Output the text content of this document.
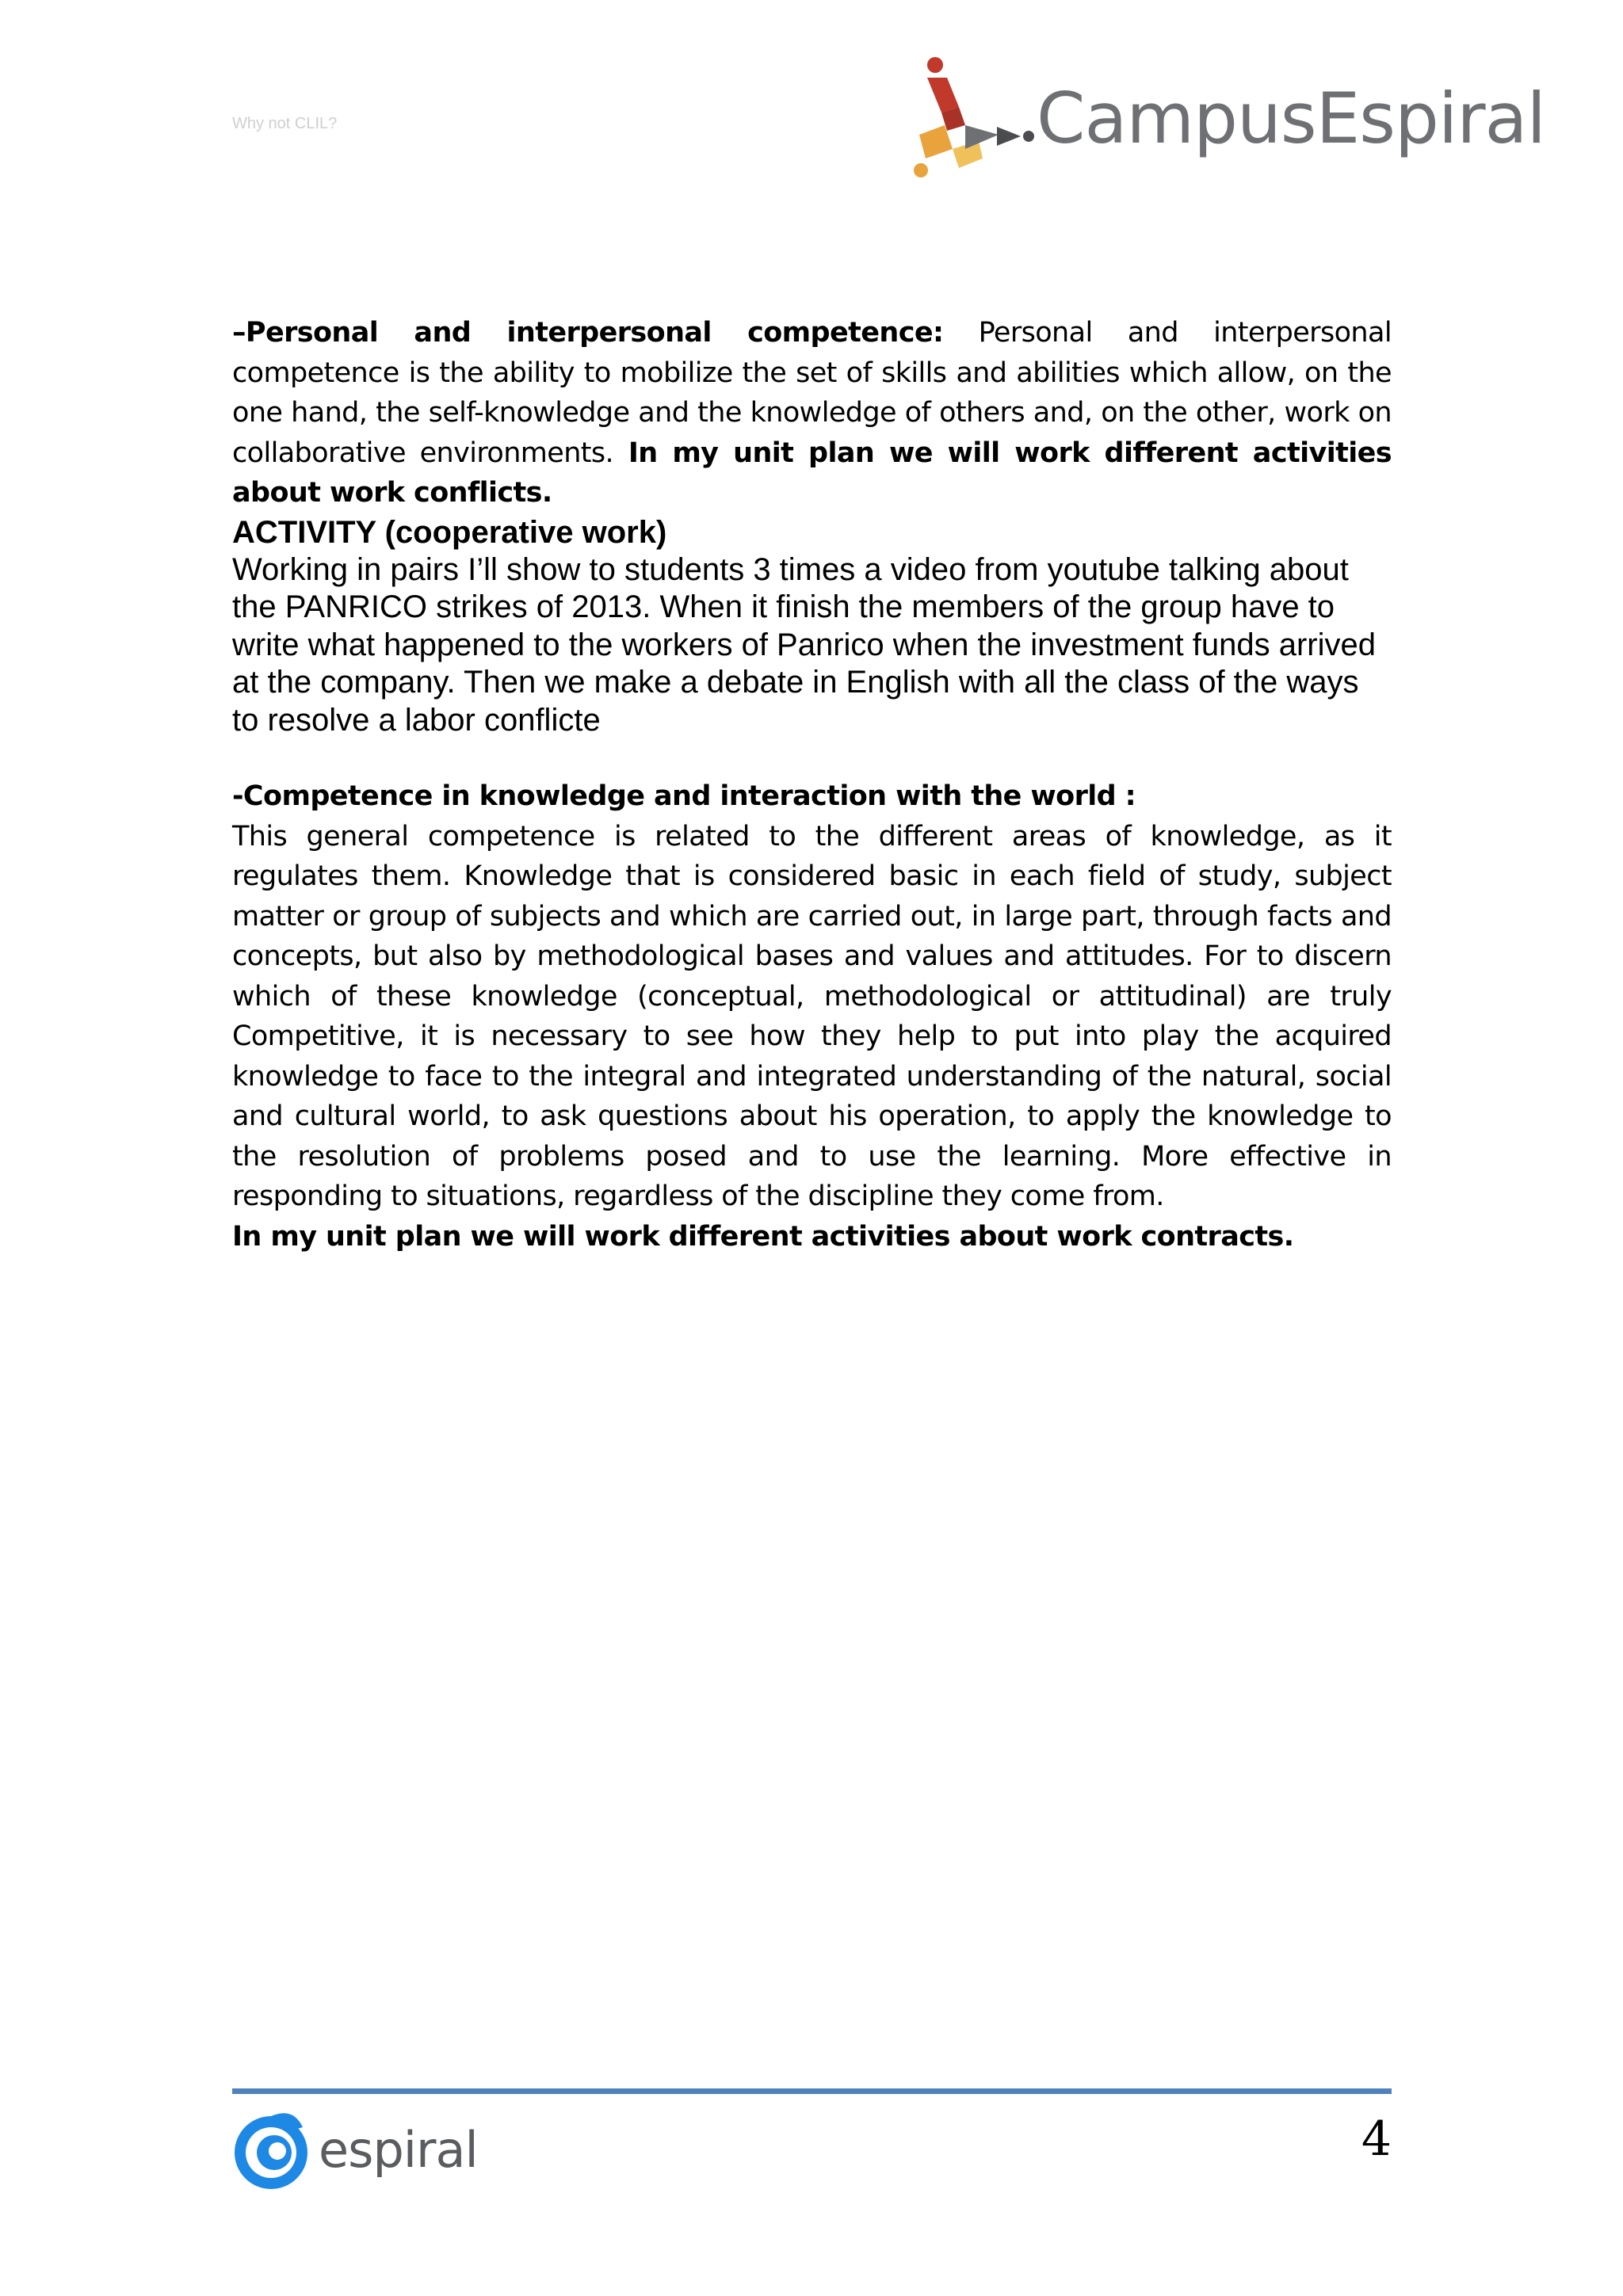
Why not CLIL?	CampusEspiral

–Personal and interpersonal competence: Personal and interpersonal competence is the ability to mobilize the set of skills and abilities which allow, on the one hand, the self-knowledge and the knowledge of others and, on the other, work on collaborative environments. In my unit plan we will work different activities about work conflicts.

ACTIVITY (cooperative work)

Working in pairs I’ll show to students 3 times a video from youtube talking about the PANRICO strikes of 2013. When it finish the members of the group have to write what happened to the workers of Panrico when the investment funds arrived at the company. Then we make a debate in English with all the class of the ways to resolve a labor conflicte

-Competence in knowledge and interaction with the world :

This general competence is related to the different areas of knowledge, as it regulates them. Knowledge that is considered basic in each field of study, subject matter or group of subjects and which are carried out, in large part, through facts and concepts, but also by methodological bases and values and attitudes. For to discern which of these knowledge (conceptual, methodological or attitudinal) are truly Competitive, it is necessary to see how they help to put into play the acquired knowledge to face to the integral and integrated understanding of the natural, social and cultural world, to ask questions about his operation, to apply the knowledge to the resolution of problems posed and to use the learning. More effective in responding to situations, regardless of the discipline they come from.

In my unit plan we will work different activities about work contracts.

espiral	4
